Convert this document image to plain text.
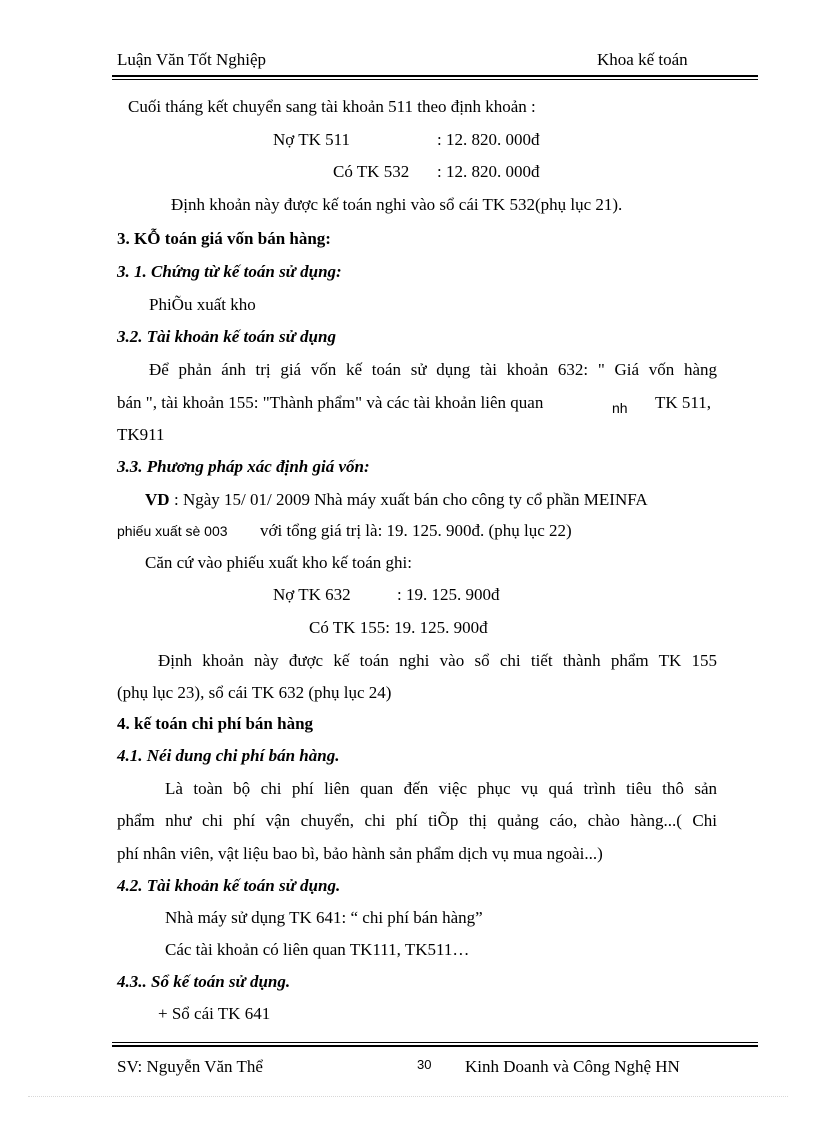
Luận Văn Tốt Nghiệp	Khoa kế toán
Cuối tháng kết chuyển sang tài khoản 511 theo định khoản :
Nợ TK 511	: 12. 820. 000đ
Có TK 532 : 12. 820. 000đ
Định khoản này được kế toán nghi vào sổ cái TK 532(phụ lục 21).
3. KỖ toán giá vốn bán hàng:
3. 1. Chứng từ kế toán sử dụng:
PhiÕu xuất kho
3.2. Tài khoản kế toán sử dụng
Để phản ánh trị giá vốn kế toán sử dụng tài khoản 632: " Giá vốn hàng
bán ", tài khoản 155: "Thành phẩm" và các tài khoản liên quan	nh TK 511,
TK911
3.3. Phương pháp xác định giá vốn:
VD : Ngày 15/ 01/ 2009 Nhà máy xuất bán cho công ty cổ phần MEINFA
phiếu xuất sè 003 với tổng giá trị là: 19. 125. 900đ. (phụ lục 22)
Căn cứ vào phiếu xuất kho kế toán ghi:
Nợ TK 632	: 19. 125. 900đ
Có TK 155: 19. 125. 900đ
Định khoản này được kế toán nghi vào sổ chi tiết thành phẩm TK 155
(phụ lục 23), sổ cái TK 632 (phụ lục 24)
4. kế toán chi phí bán hàng
4.1. Néi dung chi phí bán hàng.
Là toàn bộ chi phí liên quan đến việc phục vụ quá trình tiêu thô sản
phẩm như chi phí vận chuyển, chi phí tiÕp thị quảng cáo, chào hàng...( Chi
phí nhân viên, vật liệu bao bì, bảo hành sản phẩm dịch vụ mua ngoài...)
4.2. Tài khoản kế toán sử dụng.
Nhà máy sử dụng TK 641: “ chi phí bán hàng”
Các tài khoản có liên quan TK111, TK511…
4.3.. Sổ kế toán sử dụng.
+ Sổ cái TK 641
SV: Nguyễn Văn Thể	30 Kinh Doanh và Công Nghệ HN
